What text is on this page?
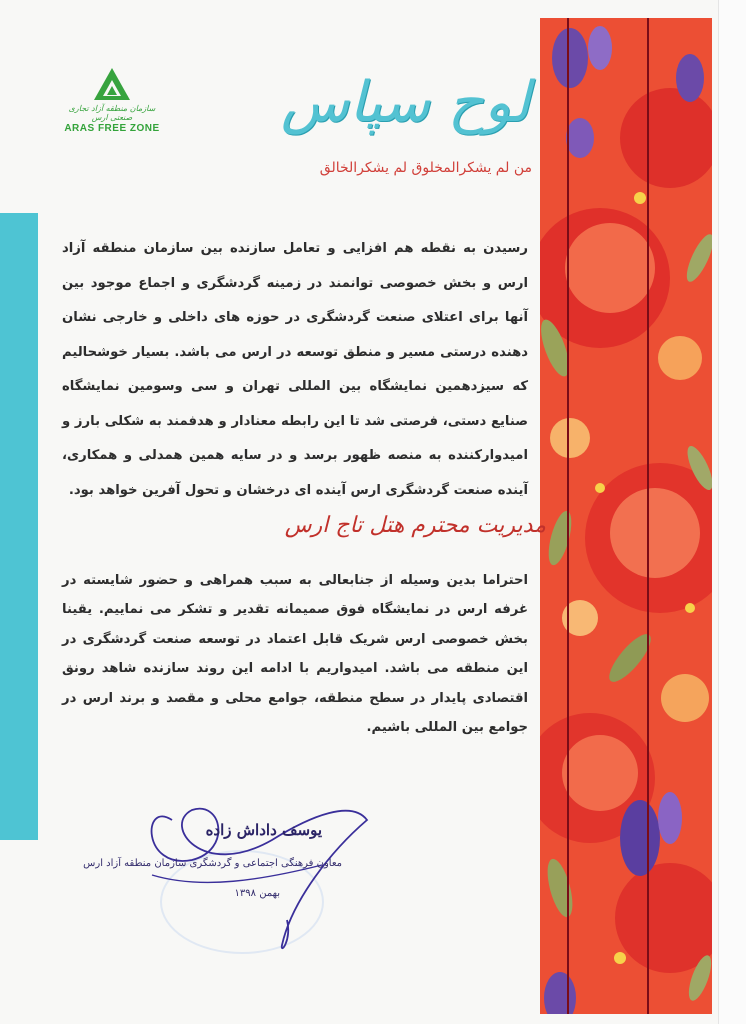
سازمان منطقه آزاد تجاری صنعتی ارس
ARAS FREE ZONE لوح سپاس
من لم یشکرالمخلوق لم یشکرالخالق
رسیدن به نقطه هم افزایی و تعامل سازنده بین سازمان منطقه آزاد ارس و بخش خصوصی توانمند در زمینه گردشگری و اجماع موجود بین آنها برای اعتلای صنعت گردشگری در حوزه های داخلی و خارجی نشان دهنده درستی مسیر و منطق توسعه در ارس می باشد. بسیار خوشحالیم که سیزدهمین نمایشگاه بین المللی تهران و سی وسومین نمایشگاه صنایع دستی، فرصتی شد تا این رابطه معنادار و هدفمند به شکلی بارز و امیدوارکننده به منصه ظهور برسد و در سایه همین همدلی و همکاری، آینده صنعت گردشگری ارس آینده ای درخشان و تحول آفرین خواهد بود.
مدیریت محترم هتل تاج ارس
احتراما بدین وسیله از جنابعالی به سبب همراهی و حضور شایسته در غرفه ارس در نمایشگاه فوق صمیمانه تقدیر و تشکر می نماییم. یقینا بخش خصوصی ارس شریک قابل اعتماد در توسعه صنعت گردشگری در این منطقه می باشد. امیدواریم با ادامه این روند سازنده شاهد رونق اقتصادی پایدار در سطح منطقه، جوامع محلی و مقصد و برند ارس در جوامع بین المللی باشیم.
یوسف داداش زاده
معاون فرهنگی اجتماعی و گردشگری سازمان منطقه آزاد ارس
بهمن ۱۳۹۸
